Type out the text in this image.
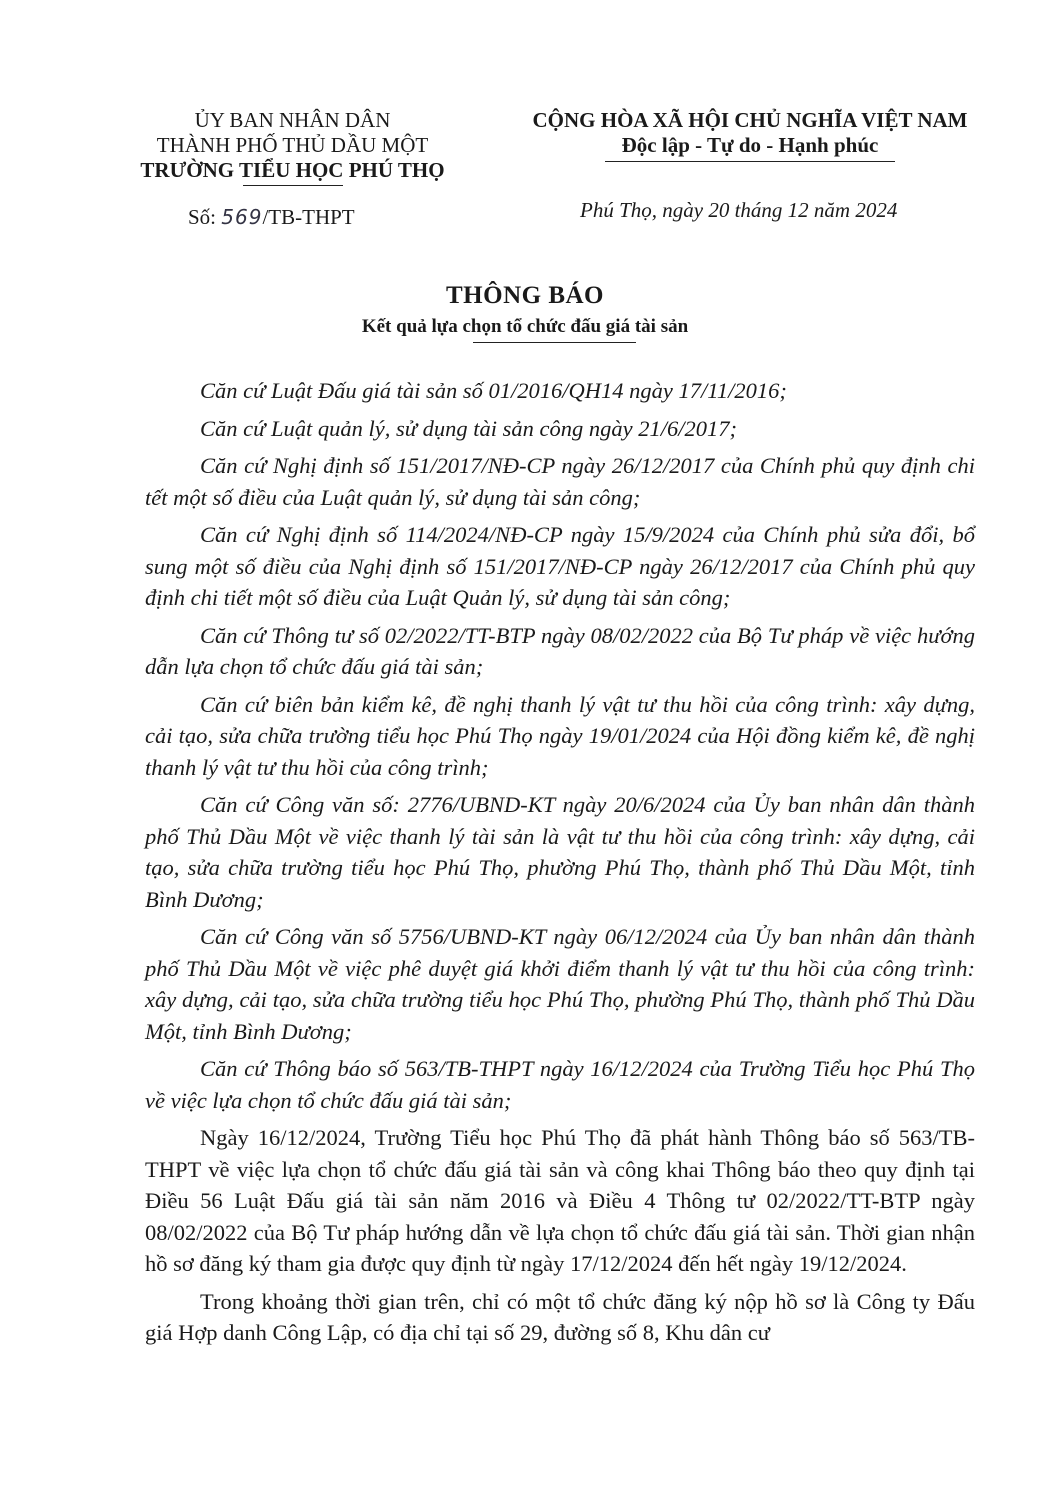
ỦY BAN NHÂN DÂN
THÀNH PHỐ THỦ DẦU MỘT
TRƯỜNG TIỂU HỌC PHÚ THỌ
CỘNG HÒA XÃ HỘI CHỦ NGHĨA VIỆT NAM
Độc lập - Tự do - Hạnh phúc
Số: 569/TB-THPT	Phú Thọ, ngày 20 tháng 12 năm 2024
THÔNG BÁO
Kết quả lựa chọn tổ chức đấu giá tài sản

Căn cứ Luật Đấu giá tài sản số 01/2016/QH14 ngày 17/11/2016;

Căn cứ Luật quản lý, sử dụng tài sản công ngày 21/6/2017;

Căn cứ Nghị định số 151/2017/NĐ-CP ngày 26/12/2017 của Chính phủ quy định chi tết một số điều của Luật quản lý, sử dụng tài sản công;

Căn cứ Nghị định số 114/2024/NĐ-CP ngày 15/9/2024 của Chính phủ sửa đổi, bổ sung một số điều của Nghị định số 151/2017/NĐ-CP ngày 26/12/2017 của Chính phủ quy định chi tiết một số điều của Luật Quản lý, sử dụng tài sản công;

Căn cứ Thông tư số 02/2022/TT-BTP ngày 08/02/2022 của Bộ Tư pháp về việc hướng dẫn lựa chọn tổ chức đấu giá tài sản;

Căn cứ biên bản kiểm kê, đề nghị thanh lý vật tư thu hồi của công trình: xây dựng, cải tạo, sửa chữa trường tiểu học Phú Thọ ngày 19/01/2024 của Hội đồng kiểm kê, đề nghị thanh lý vật tư thu hồi của công trình;

Căn cứ Công văn số: 2776/UBND-KT ngày 20/6/2024 của Ủy ban nhân dân thành phố Thủ Dầu Một về việc thanh lý tài sản là vật tư thu hồi của công trình: xây dựng, cải tạo, sửa chữa trường tiểu học Phú Thọ, phường Phú Thọ, thành phố Thủ Dầu Một, tỉnh Bình Dương;

Căn cứ Công văn số 5756/UBND-KT ngày 06/12/2024 của Ủy ban nhân dân thành phố Thủ Dầu Một về việc phê duyệt giá khởi điểm thanh lý vật tư thu hồi của công trình: xây dựng, cải tạo, sửa chữa trường tiểu học Phú Thọ, phường Phú Thọ, thành phố Thủ Dầu Một, tỉnh Bình Dương;

Căn cứ Thông báo số 563/TB-THPT ngày 16/12/2024 của Trường Tiểu học Phú Thọ về việc lựa chọn tổ chức đấu giá tài sản;

Ngày 16/12/2024, Trường Tiểu học Phú Thọ đã phát hành Thông báo số 563/TB-THPT về việc lựa chọn tổ chức đấu giá tài sản và công khai Thông báo theo quy định tại Điều 56 Luật Đấu giá tài sản năm 2016 và Điều 4 Thông tư 02/2022/TT-BTP ngày 08/02/2022 của Bộ Tư pháp hướng dẫn về lựa chọn tổ chức đấu giá tài sản. Thời gian nhận hồ sơ đăng ký tham gia được quy định từ ngày 17/12/2024 đến hết ngày 19/12/2024.

Trong khoảng thời gian trên, chỉ có một tổ chức đăng ký nộp hồ sơ là Công ty Đấu giá Hợp danh Công Lập, có địa chỉ tại số 29, đường số 8, Khu dân cư
